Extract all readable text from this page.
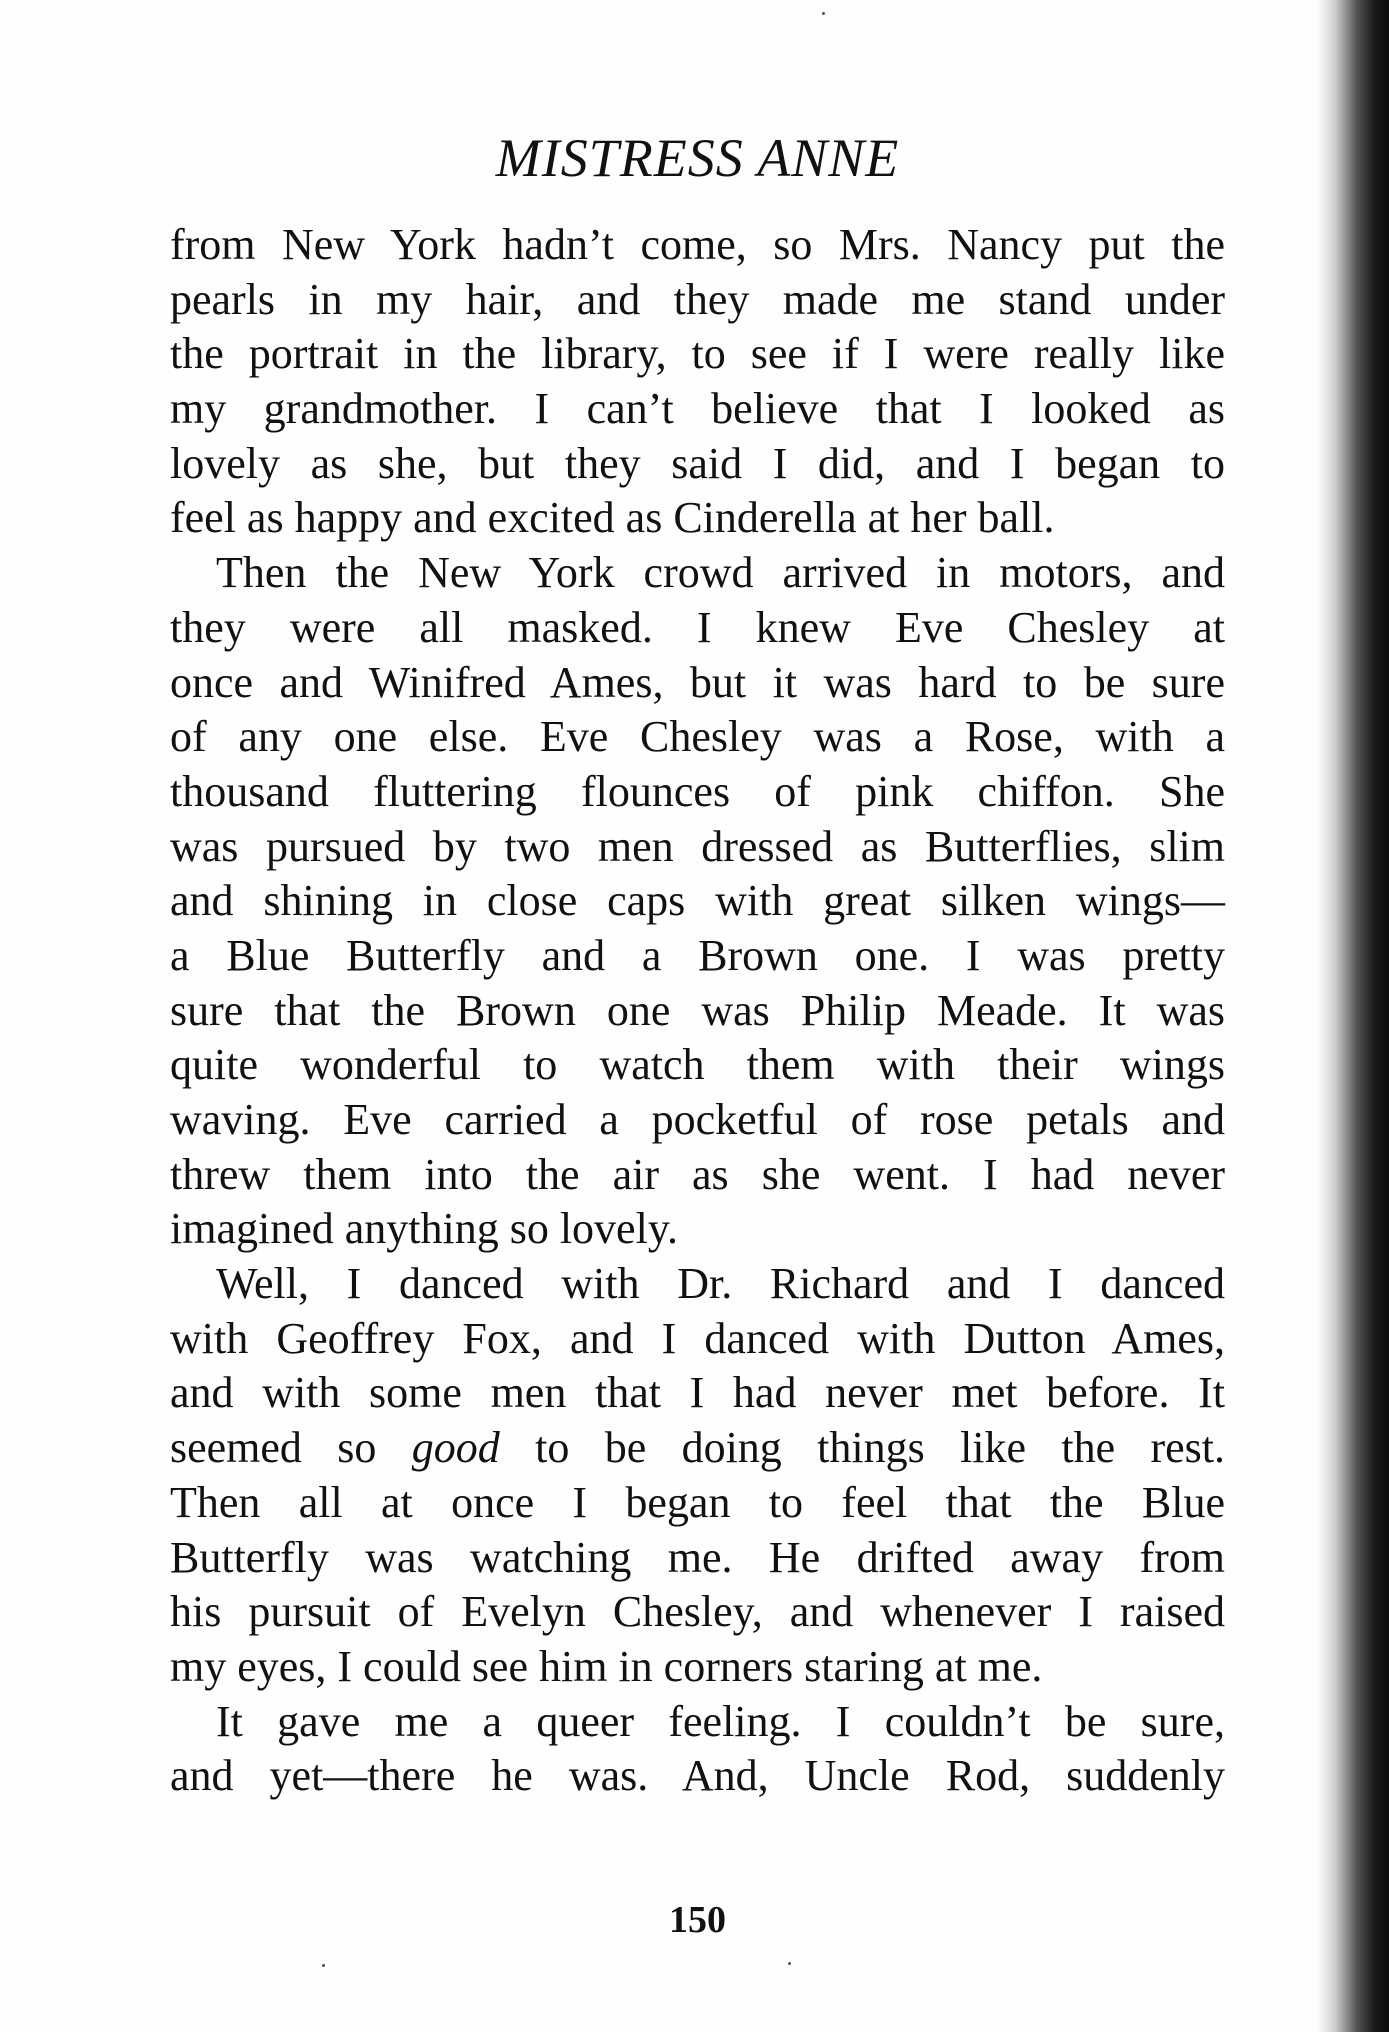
MISTRESS ANNE
from New York hadn’t come, so Mrs. Nancy put the
pearls in my hair, and they made me stand under
the portrait in the library, to see if I were really like
my grandmother. I can’t believe that I looked as
lovely as she, but they said I did, and I began to
feel as happy and excited as Cinderella at her ball.
Then the New York crowd arrived in motors, and
they were all masked. I knew Eve Chesley at
once and Winifred Ames, but it was hard to be sure
of any one else. Eve Chesley was a Rose, with a
thousand fluttering flounces of pink chiffon. She
was pursued by two men dressed as Butterflies, slim
and shining in close caps with great silken wings—
a Blue Butterfly and a Brown one. I was pretty
sure that the Brown one was Philip Meade. It was
quite wonderful to watch them with their wings
waving. Eve carried a pocketful of rose petals and
threw them into the air as she went. I had never
imagined anything so lovely.
Well, I danced with Dr. Richard and I danced
with Geoffrey Fox, and I danced with Dutton Ames,
and with some men that I had never met before. It
seemed so good to be doing things like the rest.
Then all at once I began to feel that the Blue
Butterfly was watching me. He drifted away from
his pursuit of Evelyn Chesley, and whenever I raised
my eyes, I could see him in corners staring at me.
It gave me a queer feeling. I couldn’t be sure,
and yet—there he was. And, Uncle Rod, suddenly
150
